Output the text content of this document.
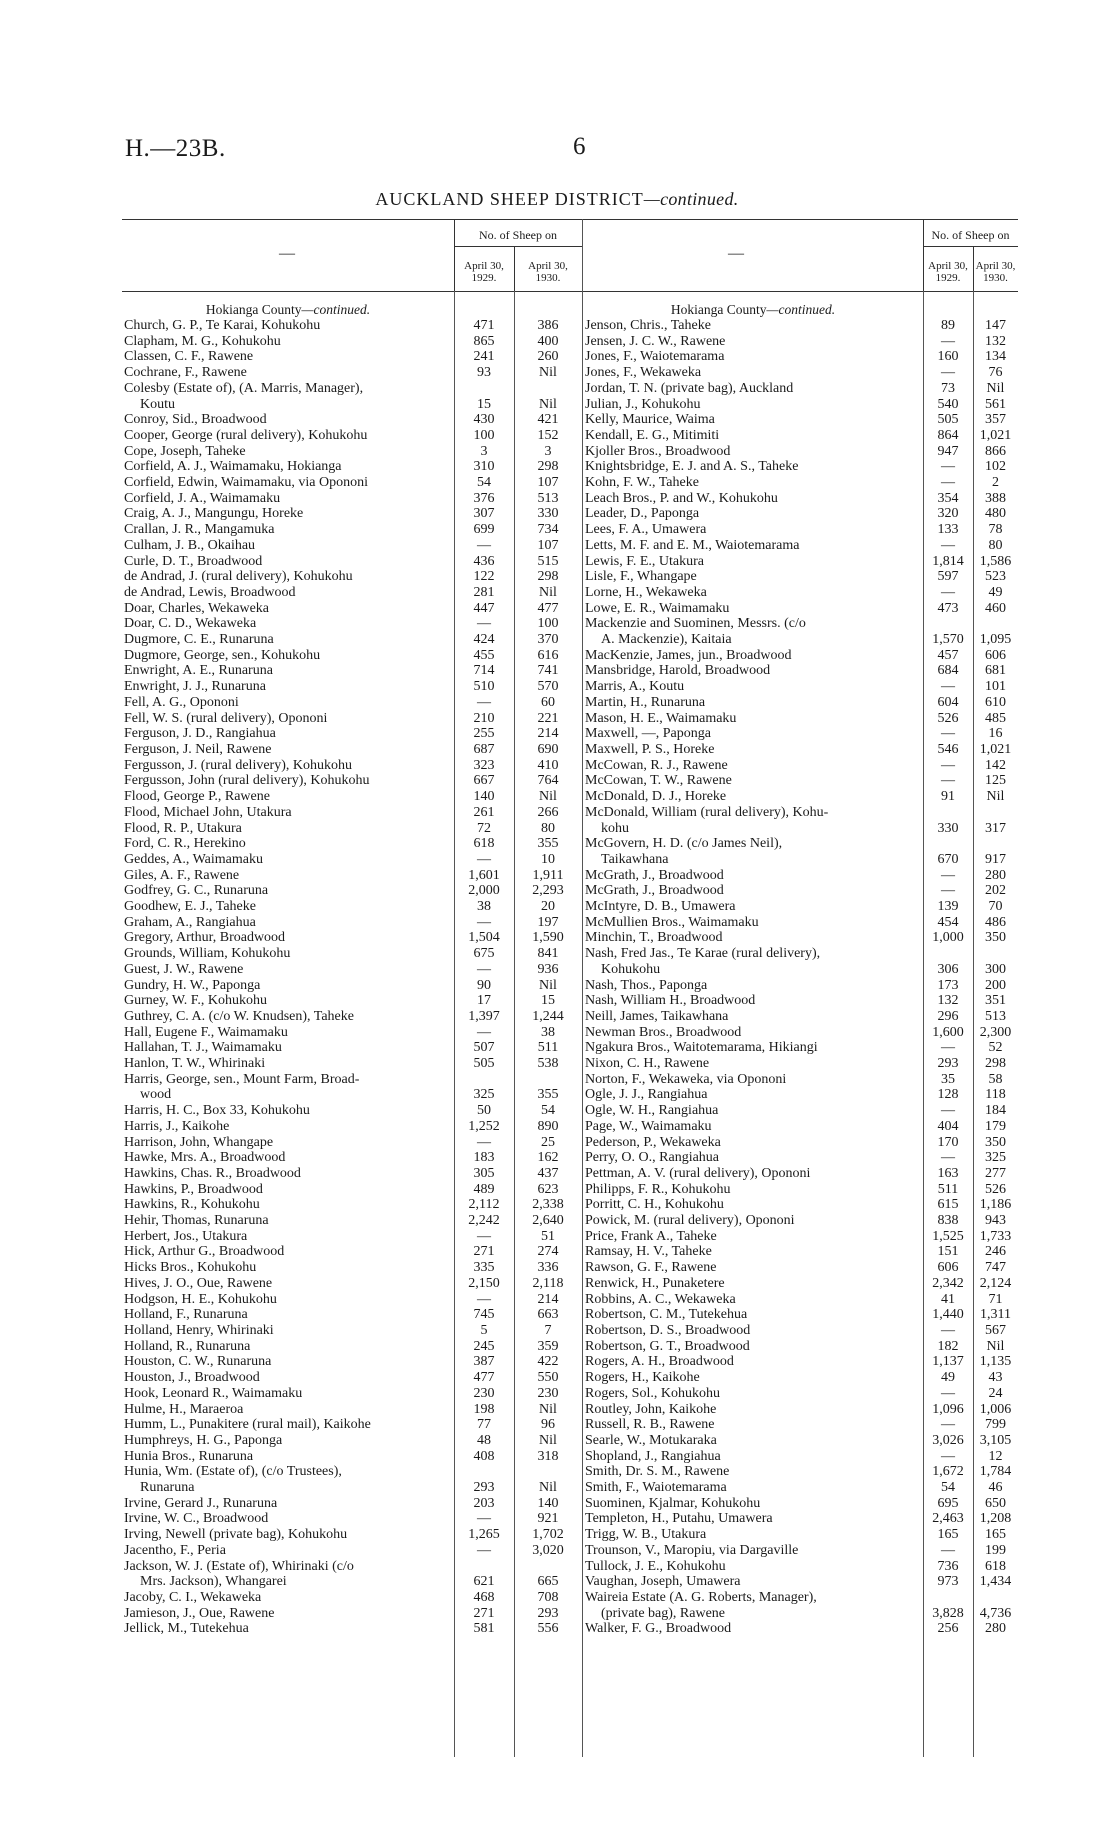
H.—23B.	6
AUCKLAND SHEEP DISTRICT—continued.
—
No. of Sheep on
April 30,
1929.
April 30,
1930.
Hokianga County—continued.
Church, G. P., Te Karai, Kohukohu	471	386
Clapham, M. G., Kohukohu	865	400
Classen, C. F., Rawene	241	260
Cochrane, F., Rawene	93	Nil
Colesby (Estate of), (A. Marris, Manager),
Koutu	15	Nil
Conroy, Sid., Broadwood	430	421
Cooper, George (rural delivery), Kohukohu	100	152
Cope, Joseph, Taheke	3	3
Corfield, A. J., Waimamaku, Hokianga	310	298
Corfield, Edwin, Waimamaku, via Opononi	54	107
Corfield, J. A., Waimamaku	376	513
Craig, A. J., Mangungu, Horeke	307	330
Crallan, J. R., Mangamuka	699	734
Culham, J. B., Okaihau	—	107
Curle, D. T., Broadwood	436	515
de Andrad, J. (rural delivery), Kohukohu	122	298
de Andrad, Lewis, Broadwood	281	Nil
Doar, Charles, Wekaweka	447	477
Doar, C. D., Wekaweka	—	100
Dugmore, C. E., Runaruna	424	370
Dugmore, George, sen., Kohukohu	455	616
Enwright, A. E., Runaruna	714	741
Enwright, J. J., Runaruna	510	570
Fell, A. G., Opononi	—	60
Fell, W. S. (rural delivery), Opononi	210	221
Ferguson, J. D., Rangiahua	255	214
Ferguson, J. Neil, Rawene	687	690
Fergusson, J. (rural delivery), Kohukohu	323	410
Fergusson, John (rural delivery), Kohukohu	667	764
Flood, George P., Rawene	140	Nil
Flood, Michael John, Utakura	261	266
Flood, R. P., Utakura	72	80
Ford, C. R., Herekino	618	355
Geddes, A., Waimamaku	—	10
Giles, A. F., Rawene	1,601	1,911
Godfrey, G. C., Runaruna	2,000	2,293
Goodhew, E. J., Taheke	38	20
Graham, A., Rangiahua	—	197
Gregory, Arthur, Broadwood	1,504	1,590
Grounds, William, Kohukohu	675	841
Guest, J. W., Rawene	—	936
Gundry, H. W., Paponga	90	Nil
Gurney, W. F., Kohukohu	17	15
Guthrey, C. A. (c/o W. Knudsen), Taheke	1,397	1,244
Hall, Eugene F., Waimamaku	—	38
Hallahan, T. J., Waimamaku	507	511
Hanlon, T. W., Whirinaki	505	538
Harris, George, sen., Mount Farm, Broad-
wood	325	355
Harris, H. C., Box 33, Kohukohu	50	54
Harris, J., Kaikohe	1,252	890
Harrison, John, Whangape	—	25
Hawke, Mrs. A., Broadwood	183	162
Hawkins, Chas. R., Broadwood	305	437
Hawkins, P., Broadwood	489	623
Hawkins, R., Kohukohu	2,112	2,338
Hehir, Thomas, Runaruna	2,242	2,640
Herbert, Jos., Utakura	—	51
Hick, Arthur G., Broadwood	271	274
Hicks Bros., Kohukohu	335	336
Hives, J. O., Oue, Rawene	2,150	2,118
Hodgson, H. E., Kohukohu	—	214
Holland, F., Runaruna	745	663
Holland, Henry, Whirinaki	5	7
Holland, R., Runaruna	245	359
Houston, C. W., Runaruna	387	422
Houston, J., Broadwood	477	550
Hook, Leonard R., Waimamaku	230	230
Hulme, H., Maraeroa	198	Nil
Humm, L., Punakitere (rural mail), Kaikohe	77	96
Humphreys, H. G., Paponga	48	Nil
Hunia Bros., Runaruna	408	318
Hunia, Wm. (Estate of), (c/o Trustees),
Runaruna	293	Nil
Irvine, Gerard J., Runaruna	203	140
Irvine, W. C., Broadwood	—	921
Irving, Newell (private bag), Kohukohu	1,265	1,702
Jacentho, F., Peria	—	3,020
Jackson, W. J. (Estate of), Whirinaki (c/o
Mrs. Jackson), Whangarei	621	665
Jacoby, C. I., Wekaweka	468	708
Jamieson, J., Oue, Rawene	271	293
Jellick, M., Tutekehua	581	556
—
No. of Sheep on
April 30,
1929.
April 30,
1930.
Hokianga County—continued.
Jenson, Chris., Taheke	89	147
Jensen, J. C. W., Rawene	—	132
Jones, F., Waiotemarama	160	134
Jones, F., Wekaweka	—	76
Jordan, T. N. (private bag), Auckland	73	Nil
Julian, J., Kohukohu	540	561
Kelly, Maurice, Waima	505	357
Kendall, E. G., Mitimiti	864	1,021
Kjoller Bros., Broadwood	947	866
Knightsbridge, E. J. and A. S., Taheke	—	102
Kohn, F. W., Taheke	—	2
Leach Bros., P. and W., Kohukohu	354	388
Leader, D., Paponga	320	480
Lees, F. A., Umawera	133	78
Letts, M. F. and E. M., Waiotemarama	—	80
Lewis, F. E., Utakura	1,814	1,586
Lisle, F., Whangape	597	523
Lorne, H., Wekaweka	—	49
Lowe, E. R., Waimamaku	473	460
Mackenzie and Suominen, Messrs. (c/o
A. Mackenzie), Kaitaia	1,570	1,095
MacKenzie, James, jun., Broadwood	457	606
Mansbridge, Harold, Broadwood	684	681
Marris, A., Koutu	—	101
Martin, H., Runaruna	604	610
Mason, H. E., Waimamaku	526	485
Maxwell, —, Paponga	—	16
Maxwell, P. S., Horeke	546	1,021
McCowan, R. J., Rawene	—	142
McCowan, T. W., Rawene	—	125
McDonald, D. J., Horeke	91	Nil
McDonald, William (rural delivery), Kohu-
kohu	330	317
McGovern, H. D. (c/o James Neil),
Taikawhana	670	917
McGrath, J., Broadwood	—	280
McGrath, J., Broadwood	—	202
McIntyre, D. B., Umawera	139	70
McMullien Bros., Waimamaku	454	486
Minchin, T., Broadwood	1,000	350
Nash, Fred Jas., Te Karae (rural delivery),
Kohukohu	306	300
Nash, Thos., Paponga	173	200
Nash, William H., Broadwood	132	351
Neill, James, Taikawhana	296	513
Newman Bros., Broadwood	1,600	2,300
Ngakura Bros., Waitotemarama, Hikiangi	—	52
Nixon, C. H., Rawene	293	298
Norton, F., Wekaweka, via Opononi	35	58
Ogle, J. J., Rangiahua	128	118
Ogle, W. H., Rangiahua	—	184
Page, W., Waimamaku	404	179
Pederson, P., Wekaweka	170	350
Perry, O. O., Rangiahua	—	325
Pettman, A. V. (rural delivery), Opononi	163	277
Philipps, F. R., Kohukohu	511	526
Porritt, C. H., Kohukohu	615	1,186
Powick, M. (rural delivery), Opononi	838	943
Price, Frank A., Taheke	1,525	1,733
Ramsay, H. V., Taheke	151	246
Rawson, G. F., Rawene	606	747
Renwick, H., Punaketere	2,342	2,124
Robbins, A. C., Wekaweka	41	71
Robertson, C. M., Tutekehua	1,440	1,311
Robertson, D. S., Broadwood	—	567
Robertson, G. T., Broadwood	182	Nil
Rogers, A. H., Broadwood	1,137	1,135
Rogers, H., Kaikohe	49	43
Rogers, Sol., Kohukohu	—	24
Routley, John, Kaikohe	1,096	1,006
Russell, R. B., Rawene	—	799
Searle, W., Motukaraka	3,026	3,105
Shopland, J., Rangiahua	—	12
Smith, Dr. S. M., Rawene	1,672	1,784
Smith, F., Waiotemarama	54	46
Suominen, Kjalmar, Kohukohu	695	650
Templeton, H., Putahu, Umawera	2,463	1,208
Trigg, W. B., Utakura	165	165
Trounson, V., Maropiu, via Dargaville	—	199
Tullock, J. E., Kohukohu	736	618
Vaughan, Joseph, Umawera	973	1,434
Waireia Estate (A. G. Roberts, Manager),
(private bag), Rawene	3,828	4,736
Walker, F. G., Broadwood	256	280
